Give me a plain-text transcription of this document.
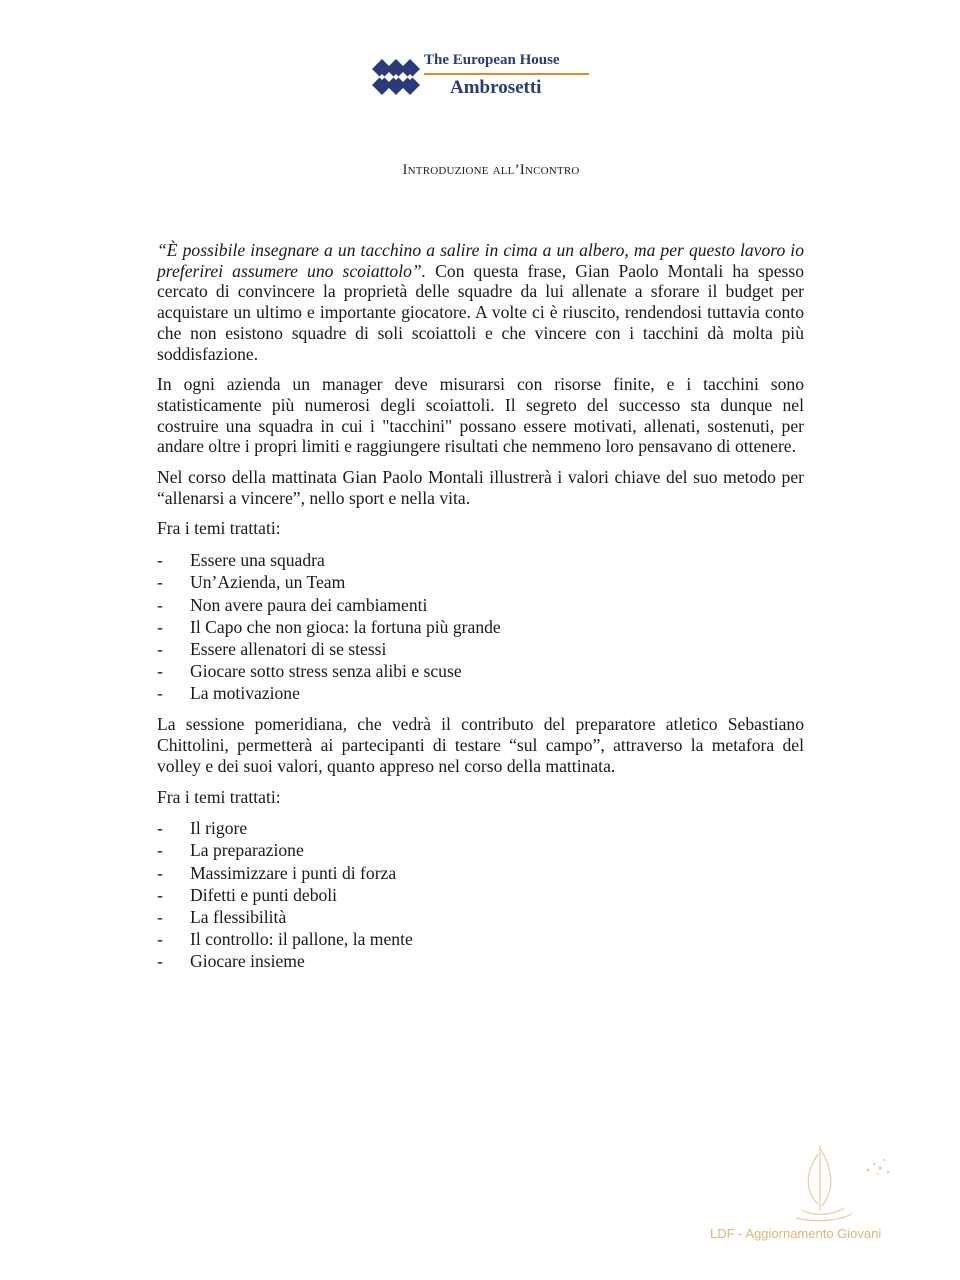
The European House
Ambrosetti
Introduzione all’Incontro

“È possibile insegnare a un tacchino a salire in cima a un albero, ma per questo lavoro io preferirei assumere uno scoiattolo”. Con questa frase, Gian Paolo Montali ha spesso cercato di convincere la proprietà delle squadre da lui allenate a sforare il budget per acquistare un ultimo e importante giocatore. A volte ci è riuscito, rendendosi tuttavia conto che non esistono squadre di soli scoiattoli e che vincere con i tacchini dà molta più soddisfazione.

In ogni azienda un manager deve misurarsi con risorse finite, e i tacchini sono statisticamente più numerosi degli scoiattoli. Il segreto del successo sta dunque nel costruire una squadra in cui i "tacchini" possano essere motivati, allenati, sostenuti, per andare oltre i propri limiti e raggiungere risultati che nemmeno loro pensavano di ottenere.

Nel corso della mattinata Gian Paolo Montali illustrerà i valori chiave del suo metodo per “allenarsi a vincere”, nello sport e nella vita.

Fra i temi trattati:

- Essere una squadra
- Un’Azienda, un Team
- Non avere paura dei cambiamenti
- Il Capo che non gioca: la fortuna più grande
- Essere allenatori di se stessi
- Giocare sotto stress senza alibi e scuse
- La motivazione

La sessione pomeridiana, che vedrà il contributo del preparatore atletico Sebastiano Chittolini, permetterà ai partecipanti di testare “sul campo”, attraverso la metafora del volley e dei suoi valori, quanto appreso nel corso della mattinata.

Fra i temi trattati:

- Il rigore
- La preparazione
- Massimizzare i punti di forza
- Difetti e punti deboli
- La flessibilità
- Il controllo: il pallone, la mente
- Giocare insieme
LDF - Aggiornamento Giovani
